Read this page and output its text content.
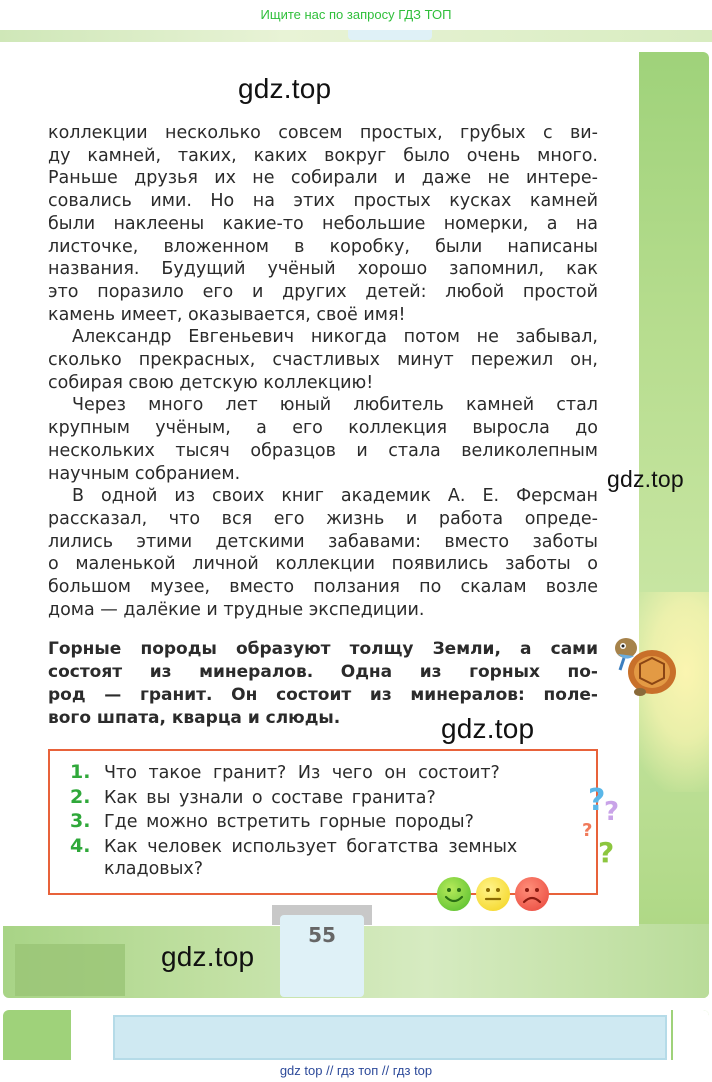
Ищите нас по запросу ГДЗ ТОП
gdz.top
gdz.top
gdz.top
gdz.top
коллекции несколько совсем простых, грубых с ви-
ду камней, таких, каких вокруг было очень много.
Раньше друзья их не собирали и даже не интере-
совались ими. Но на этих простых кусках камней
были наклеены какие-то небольшие номерки, а на
листочке, вложенном в коробку, были написаны
названия. Будущий учёный хорошо запомнил, как
это поразило его и других детей: любой простой
камень имеет, оказывается, своё имя!
Александр Евгеньевич никогда потом не забывал,
сколько прекрасных, счастливых минут пережил он,
собирая свою детскую коллекцию!
Через много лет юный любитель камней стал
крупным учёным, а его коллекция выросла до
нескольких тысяч образцов и стала великолепным
научным собранием.
В одной из своих книг академик А. Е. Ферсман
рассказал, что вся его жизнь и работа опреде-
лились этими детскими забавами: вместо заботы
о маленькой личной коллекции появились заботы о
большом музее, вместо ползания по скалам возле
дома — далёкие и трудные экспедиции.
Горные породы образуют толщу Земли, а сами
состоят из минералов. Одна из горных по-
род — гранит. Он состоит из минералов: поле-
вого шпата, кварца и слюды.
1. Что такое гранит? Из чего он состоит?
2. Как вы узнали о составе гранита?
3. Где можно встретить горные породы?
4. Как человек использует богатства земных
кладовых?
?
?
?
?
55
gdz top // гдз топ // гдз top
